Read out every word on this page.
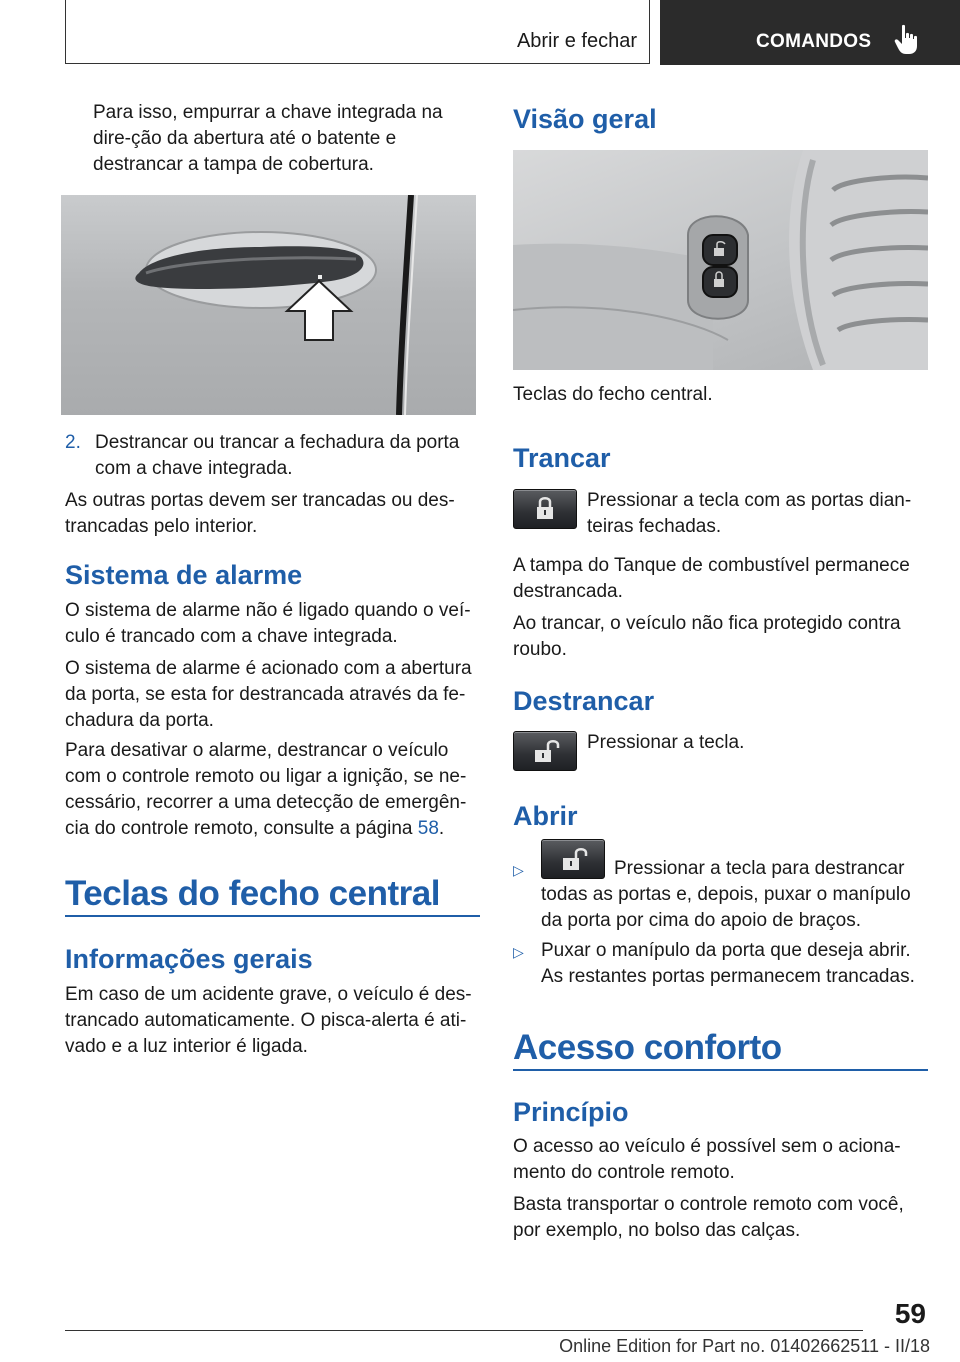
Abrir e fechar	COMANDOS

Para isso, empurrar a chave integrada na dire-ção da abertura até o batente e destrancar a tampa de cobertura.

2. Destrancar ou trancar a fechadura da porta com a chave integrada.

As outras portas devem ser trancadas ou des-trancadas pelo interior.

Sistema de alarme

O sistema de alarme não é ligado quando o veí-culo é trancado com a chave integrada.

O sistema de alarme é acionado com a abertura da porta, se esta for destrancada através da fe-chadura da porta.

Para desativar o alarme, destrancar o veículo com o controle remoto ou ligar a ignição, se ne-cessário, recorrer a uma detecção de emergên-cia do controle remoto, consulte a página 58.

Teclas do fecho central
Informações gerais

Em caso de um acidente grave, o veículo é des-trancado automaticamente. O pisca-alerta é ati-vado e a luz interior é ligada.

Visão geral

Teclas do fecho central.

Trancar

Pressionar a tecla com as portas dian-teiras fechadas.

A tampa do Tanque de combustível permanece destrancada.

Ao trancar, o veículo não fica protegido contra roubo.

Destrancar

Pressionar a tecla.

Abrir
▷	Pressionar a tecla para destrancar todas as portas e, depois, puxar o manípulo da porta por cima do apoio de braços.

▷ Puxar o manípulo da porta que deseja abrir. As restantes portas permanecem trancadas.

Acesso conforto
Princípio

O acesso ao veículo é possível sem o aciona-mento do controle remoto.

Basta transportar o controle remoto com você, por exemplo, no bolso das calças.

59
Online Edition for Part no. 01402662511 - II/18
